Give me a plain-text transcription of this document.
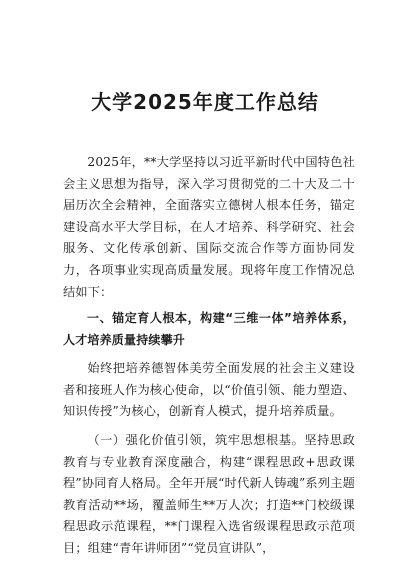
大学2025年度工作总结

2025年，**大学坚持以习近平新时代中国特色社会主义思想为指导，深入学习贯彻党的二十大及二十届历次全会精神，全面落实立德树人根本任务，锚定建设高水平大学目标，在人才培养、科学研究、社会服务、文化传承创新、国际交流合作等方面协同发力，各项事业实现高质量发展。现将年度工作情况总结如下：

一、锚定育人根本，构建“三维一体”培养体系，人才培养质量持续攀升

始终把培养德智体美劳全面发展的社会主义建设者和接班人作为核心使命，以“价值引领、能力塑造、知识传授”为核心，创新育人模式，提升培养质量。

（一）强化价值引领，筑牢思想根基。坚持思政教育与专业教育深度融合，构建“课程思政+思政课程”协同育人格局。全年开展“时代新人铸魂”系列主题教育活动**场，覆盖师生**万人次；打造**门校级课程思政示范课程，**门课程入选省级课程思政示范项目；组建“青年讲师团”“党员宣讲队”，
